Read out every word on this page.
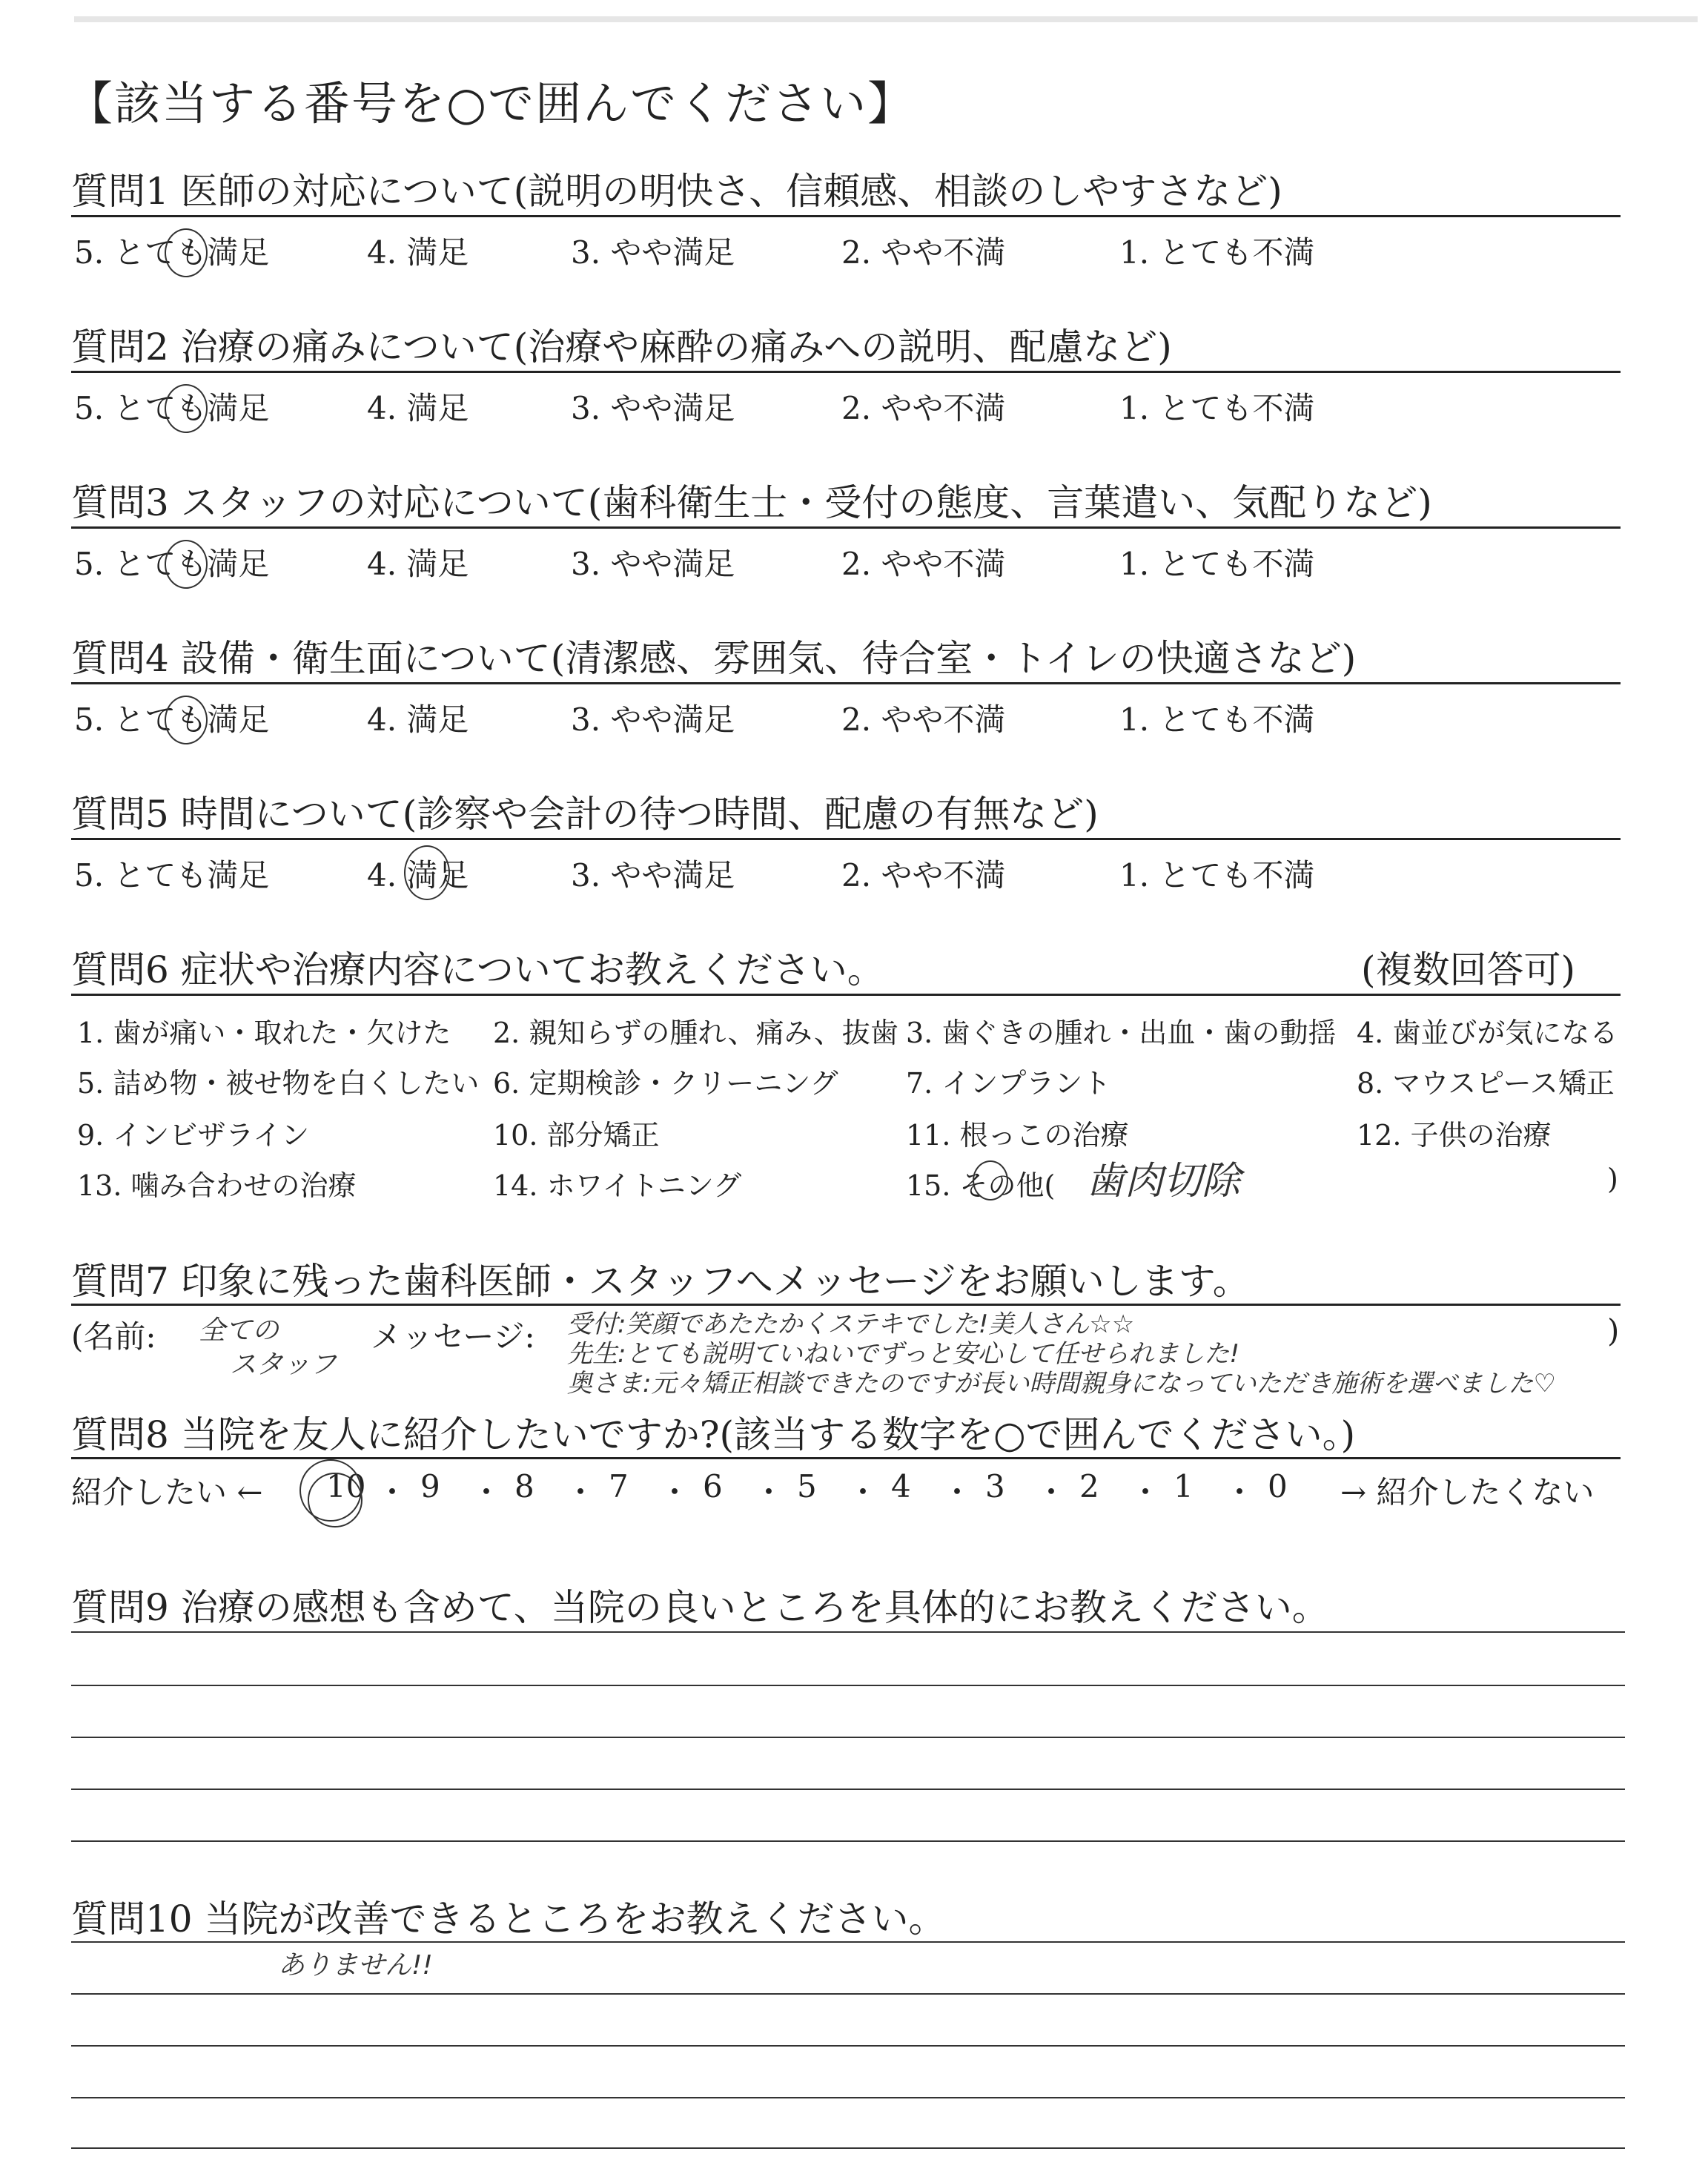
【該当する番号を○で囲んでください】
質問1 医師の対応について(説明の明快さ、信頼感、相談のしやすさなど)
5. とても満足	4. 満足	3. やや満足	2. やや不満	1. とても不満
質問2 治療の痛みについて(治療や麻酔の痛みへの説明、配慮など)
5. とても満足	4. 満足	3. やや満足	2. やや不満	1. とても不満
質問3 スタッフの対応について(歯科衛生士・受付の態度、言葉遣い、気配りなど)
5. とても満足	4. 満足	3. やや満足	2. やや不満	1. とても不満
質問4 設備・衛生面について(清潔感、雰囲気、待合室・トイレの快適さなど)
5. とても満足	4. 満足	3. やや満足	2. やや不満	1. とても不満
質問5 時間について(診察や会計の待つ時間、配慮の有無など)
5. とても満足	4. 満足	3. やや満足	2. やや不満	1. とても不満
質問6 症状や治療内容についてお教えください。	(複数回答可)
1. 歯が痛い・取れた・欠けた 2. 親知らずの腫れ、痛み、抜歯 3. 歯ぐきの腫れ・出血・歯の動揺 4. 歯並びが気になる
5. 詰め物・被せ物を白くしたい 6. 定期検診・クリーニング 7. インプラント	8. マウスピース矯正
9. インビザライン	10. 部分矯正	11. 根っこの治療	12. 子供の治療
13. 噛み合わせの治療	14. ホワイトニング	15. その他( 歯肉切除	)
質問7 印象に残った歯科医師・スタッフへメッセージをお願いします。
(名前: 全ての
スタッフ
メッセージ: 受付:笑顔であたたかくステキでした!美人さん☆☆
先生:とても説明ていねいでずっと安心して任せられました!
奥さま:元々矯正相談できたのですが長い時間親身になっていただき施術を選べました♡
)
質問8 当院を友人に紹介したいですか?(該当する数字を○で囲んでください。)
紹介したい ← 10 ・ 9 ・ 8 ・ 7 ・ 6 ・ 5 ・ 4 ・ 3 ・ 2 ・ 1 ・ 0 → 紹介したくない
質問9 治療の感想も含めて、当院の良いところを具体的にお教えください。
質問10 当院が改善できるところをお教えください。
ありません!!
